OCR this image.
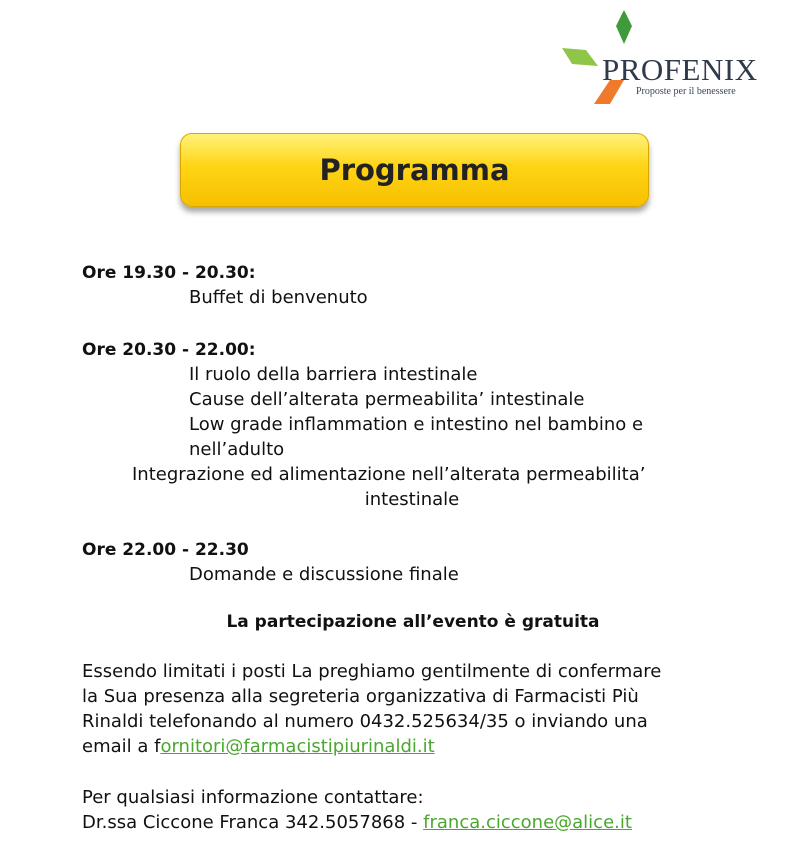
PROFENIX
Proposte per il benessere
Programma
Ore 19.30 - 20.30:
Buffet di benvenuto
Ore 20.30 - 22.00:
Il ruolo della barriera intestinale
Cause dell’alterata permeabilita’ intestinale
Low grade inflammation e intestino nel bambino e
nell’adulto
Integrazione ed alimentazione nell’alterata permeabilita’
intestinale
Ore 22.00 - 22.30
Domande e discussione finale
La partecipazione all’evento è gratuita
Essendo limitati i posti La preghiamo gentilmente di confermare
la Sua presenza alla segreteria organizzativa di Farmacisti Più
Rinaldi telefonando al numero 0432.525634/35 o inviando una
email a fornitori@farmacistipiurinaldi.it
Per qualsiasi informazione contattare:
Dr.ssa Ciccone Franca 342.5057868 - franca.ciccone@alice.it
